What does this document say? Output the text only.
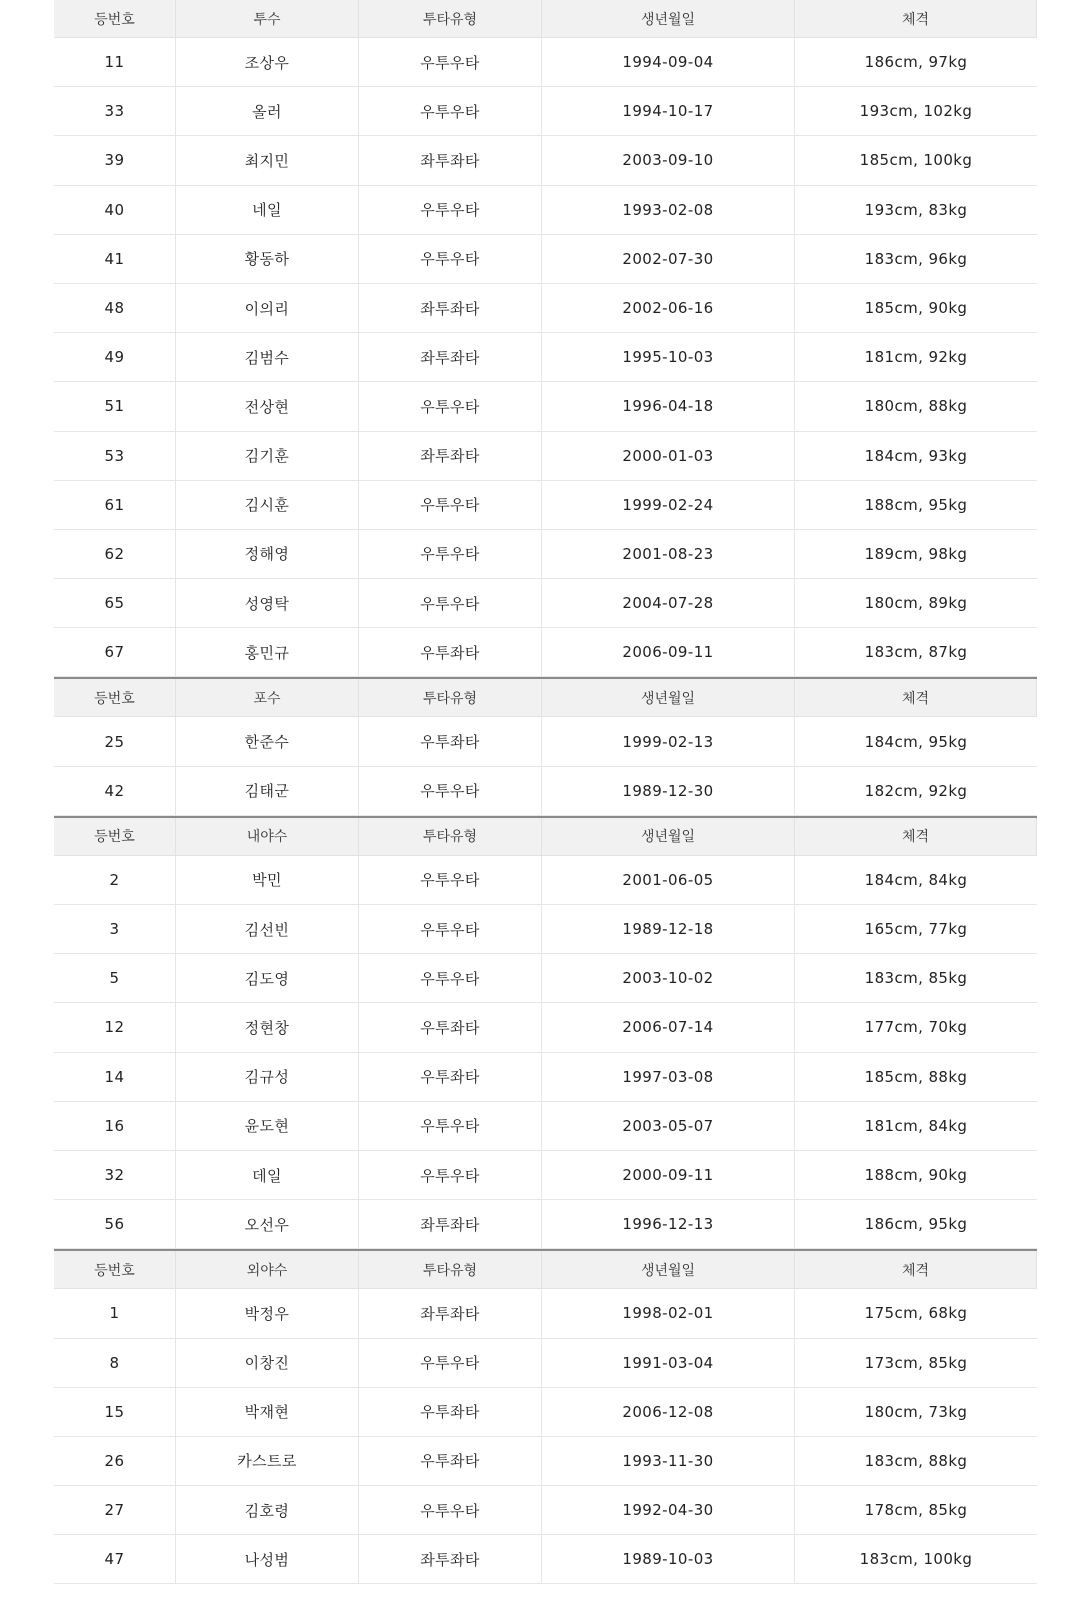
등번호	투수	투타유형	생년월일	체격
11	조상우	우투우타	1994-09-04	186cm, 97kg
33	올러	우투우타	1994-10-17	193cm, 102kg
39	최지민	좌투좌타	2003-09-10	185cm, 100kg
40	네일	우투우타	1993-02-08	193cm, 83kg
41	황동하	우투우타	2002-07-30	183cm, 96kg
48	이의리	좌투좌타	2002-06-16	185cm, 90kg
49	김범수	좌투좌타	1995-10-03	181cm, 92kg
51	전상현	우투우타	1996-04-18	180cm, 88kg
53	김기훈	좌투좌타	2000-01-03	184cm, 93kg
61	김시훈	우투우타	1999-02-24	188cm, 95kg
62	정해영	우투우타	2001-08-23	189cm, 98kg
65	성영탁	우투우타	2004-07-28	180cm, 89kg
67	홍민규	우투좌타	2006-09-11	183cm, 87kg
등번호	포수	투타유형	생년월일	체격
25	한준수	우투좌타	1999-02-13	184cm, 95kg
42	김태군	우투우타	1989-12-30	182cm, 92kg
등번호	내야수	투타유형	생년월일	체격
2	박민	우투우타	2001-06-05	184cm, 84kg
3	김선빈	우투우타	1989-12-18	165cm, 77kg
5	김도영	우투우타	2003-10-02	183cm, 85kg
12	정현창	우투좌타	2006-07-14	177cm, 70kg
14	김규성	우투좌타	1997-03-08	185cm, 88kg
16	윤도현	우투우타	2003-05-07	181cm, 84kg
32	데일	우투우타	2000-09-11	188cm, 90kg
56	오선우	좌투좌타	1996-12-13	186cm, 95kg
등번호	외야수	투타유형	생년월일	체격
1	박정우	좌투좌타	1998-02-01	175cm, 68kg
8	이창진	우투우타	1991-03-04	173cm, 85kg
15	박재현	우투좌타	2006-12-08	180cm, 73kg
26	카스트로	우투좌타	1993-11-30	183cm, 88kg
27	김호령	우투우타	1992-04-30	178cm, 85kg
47	나성범	좌투좌타	1989-10-03	183cm, 100kg
